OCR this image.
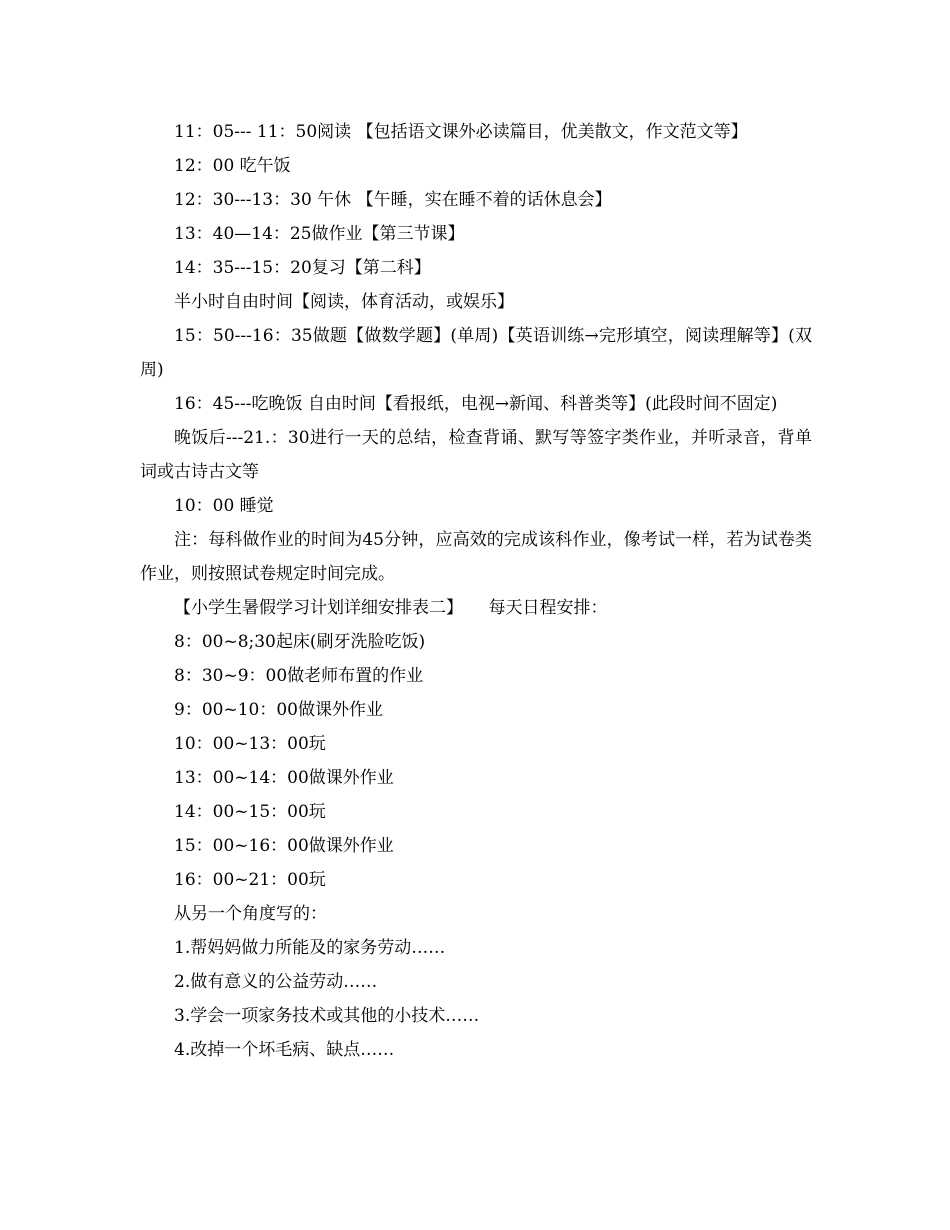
11：05--- 11：50阅读 【包括语文课外必读篇目，优美散文，作文范文等】

12：00 吃午饭

12：30---13：30 午休 【午睡，实在睡不着的话休息会】

13：40—14：25做作业【第三节课】

14：35---15：20复习【第二科】

半小时自由时间【阅读，体育活动，或娱乐】

15：50---16：35做题【做数学题】(单周)【英语训练→完形填空，阅读理解等】(双周)

16：45---吃晚饭 自由时间【看报纸，电视→新闻、科普类等】(此段时间不固定)

晚饭后---21.：30进行一天的总结，检查背诵、默写等签字类作业，并听录音，背单词或古诗古文等

10：00 睡觉

注：每科做作业的时间为45分钟，应高效的完成该科作业，像考试一样，若为试卷类作业，则按照试卷规定时间完成。

【小学生暑假学习计划详细安排表二】　　每天日程安排：

8：00~8;30起床(刷牙洗脸吃饭)

8：30~9：00做老师布置的作业

9：00~10：00做课外作业

10：00~13：00玩

13：00~14：00做课外作业

14：00~15：00玩

15：00~16：00做课外作业

16：00~21：00玩

从另一个角度写的：

1.帮妈妈做力所能及的家务劳动……

2.做有意义的公益劳动……

3.学会一项家务技术或其他的小技术……

4.改掉一个坏毛病、缺点……
